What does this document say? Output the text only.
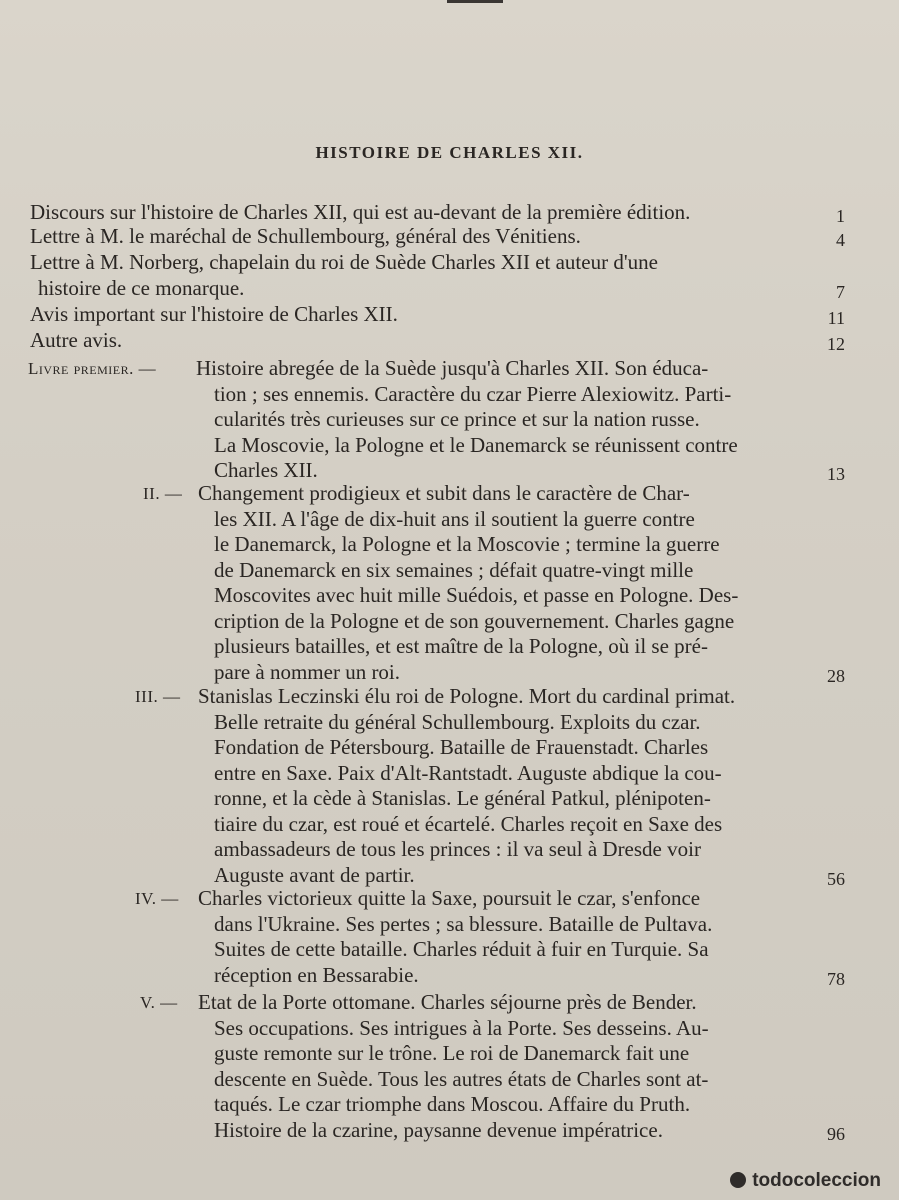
HISTOIRE DE CHARLES XII.
Discours sur l'histoire de Charles XII, qui est au-devant de la première édition.	1
Lettre à M. le maréchal de Schullembourg, général des Vénitiens.	4
Lettre à M. Norberg, chapelain du roi de Suède Charles XII et auteur d'une
histoire de ce monarque.	7
Avis important sur l'histoire de Charles XII.	11
Autre avis.	12
Livre premier. — Histoire abregée de la Suède jusqu'à Charles XII. Son éduca-
tion ; ses ennemis. Caractère du czar Pierre Alexiowitz. Parti-
cularités très curieuses sur ce prince et sur la nation russe.
La Moscovie, la Pologne et le Danemarck se réunissent contre
Charles XII.	13
II. — Changement prodigieux et subit dans le caractère de Char-
les XII. A l'âge de dix-huit ans il soutient la guerre contre
le Danemarck, la Pologne et la Moscovie ; termine la guerre
de Danemarck en six semaines ; défait quatre-vingt mille
Moscovites avec huit mille Suédois, et passe en Pologne. Des-
cription de la Pologne et de son gouvernement. Charles gagne
plusieurs batailles, et est maître de la Pologne, où il se pré-
pare à nommer un roi.	28
III. — Stanislas Leczinski élu roi de Pologne. Mort du cardinal primat.
Belle retraite du général Schullembourg. Exploits du czar.
Fondation de Pétersbourg. Bataille de Frauenstadt. Charles
entre en Saxe. Paix d'Alt-Rantstadt. Auguste abdique la cou-
ronne, et la cède à Stanislas. Le général Patkul, plénipoten-
tiaire du czar, est roué et écartelé. Charles reçoit en Saxe des
ambassadeurs de tous les princes : il va seul à Dresde voir
Auguste avant de partir.	56
IV. — Charles victorieux quitte la Saxe, poursuit le czar, s'enfonce
dans l'Ukraine. Ses pertes ; sa blessure. Bataille de Pultava.
Suites de cette bataille. Charles réduit à fuir en Turquie. Sa
réception en Bessarabie.	78
V. — Etat de la Porte ottomane. Charles séjourne près de Bender.
Ses occupations. Ses intrigues à la Porte. Ses desseins. Au-
guste remonte sur le trône. Le roi de Danemarck fait une
descente en Suède. Tous les autres états de Charles sont at-
taqués. Le czar triomphe dans Moscou. Affaire du Pruth.
Histoire de la czarine, paysanne devenue impératrice.	96
todocoleccion
